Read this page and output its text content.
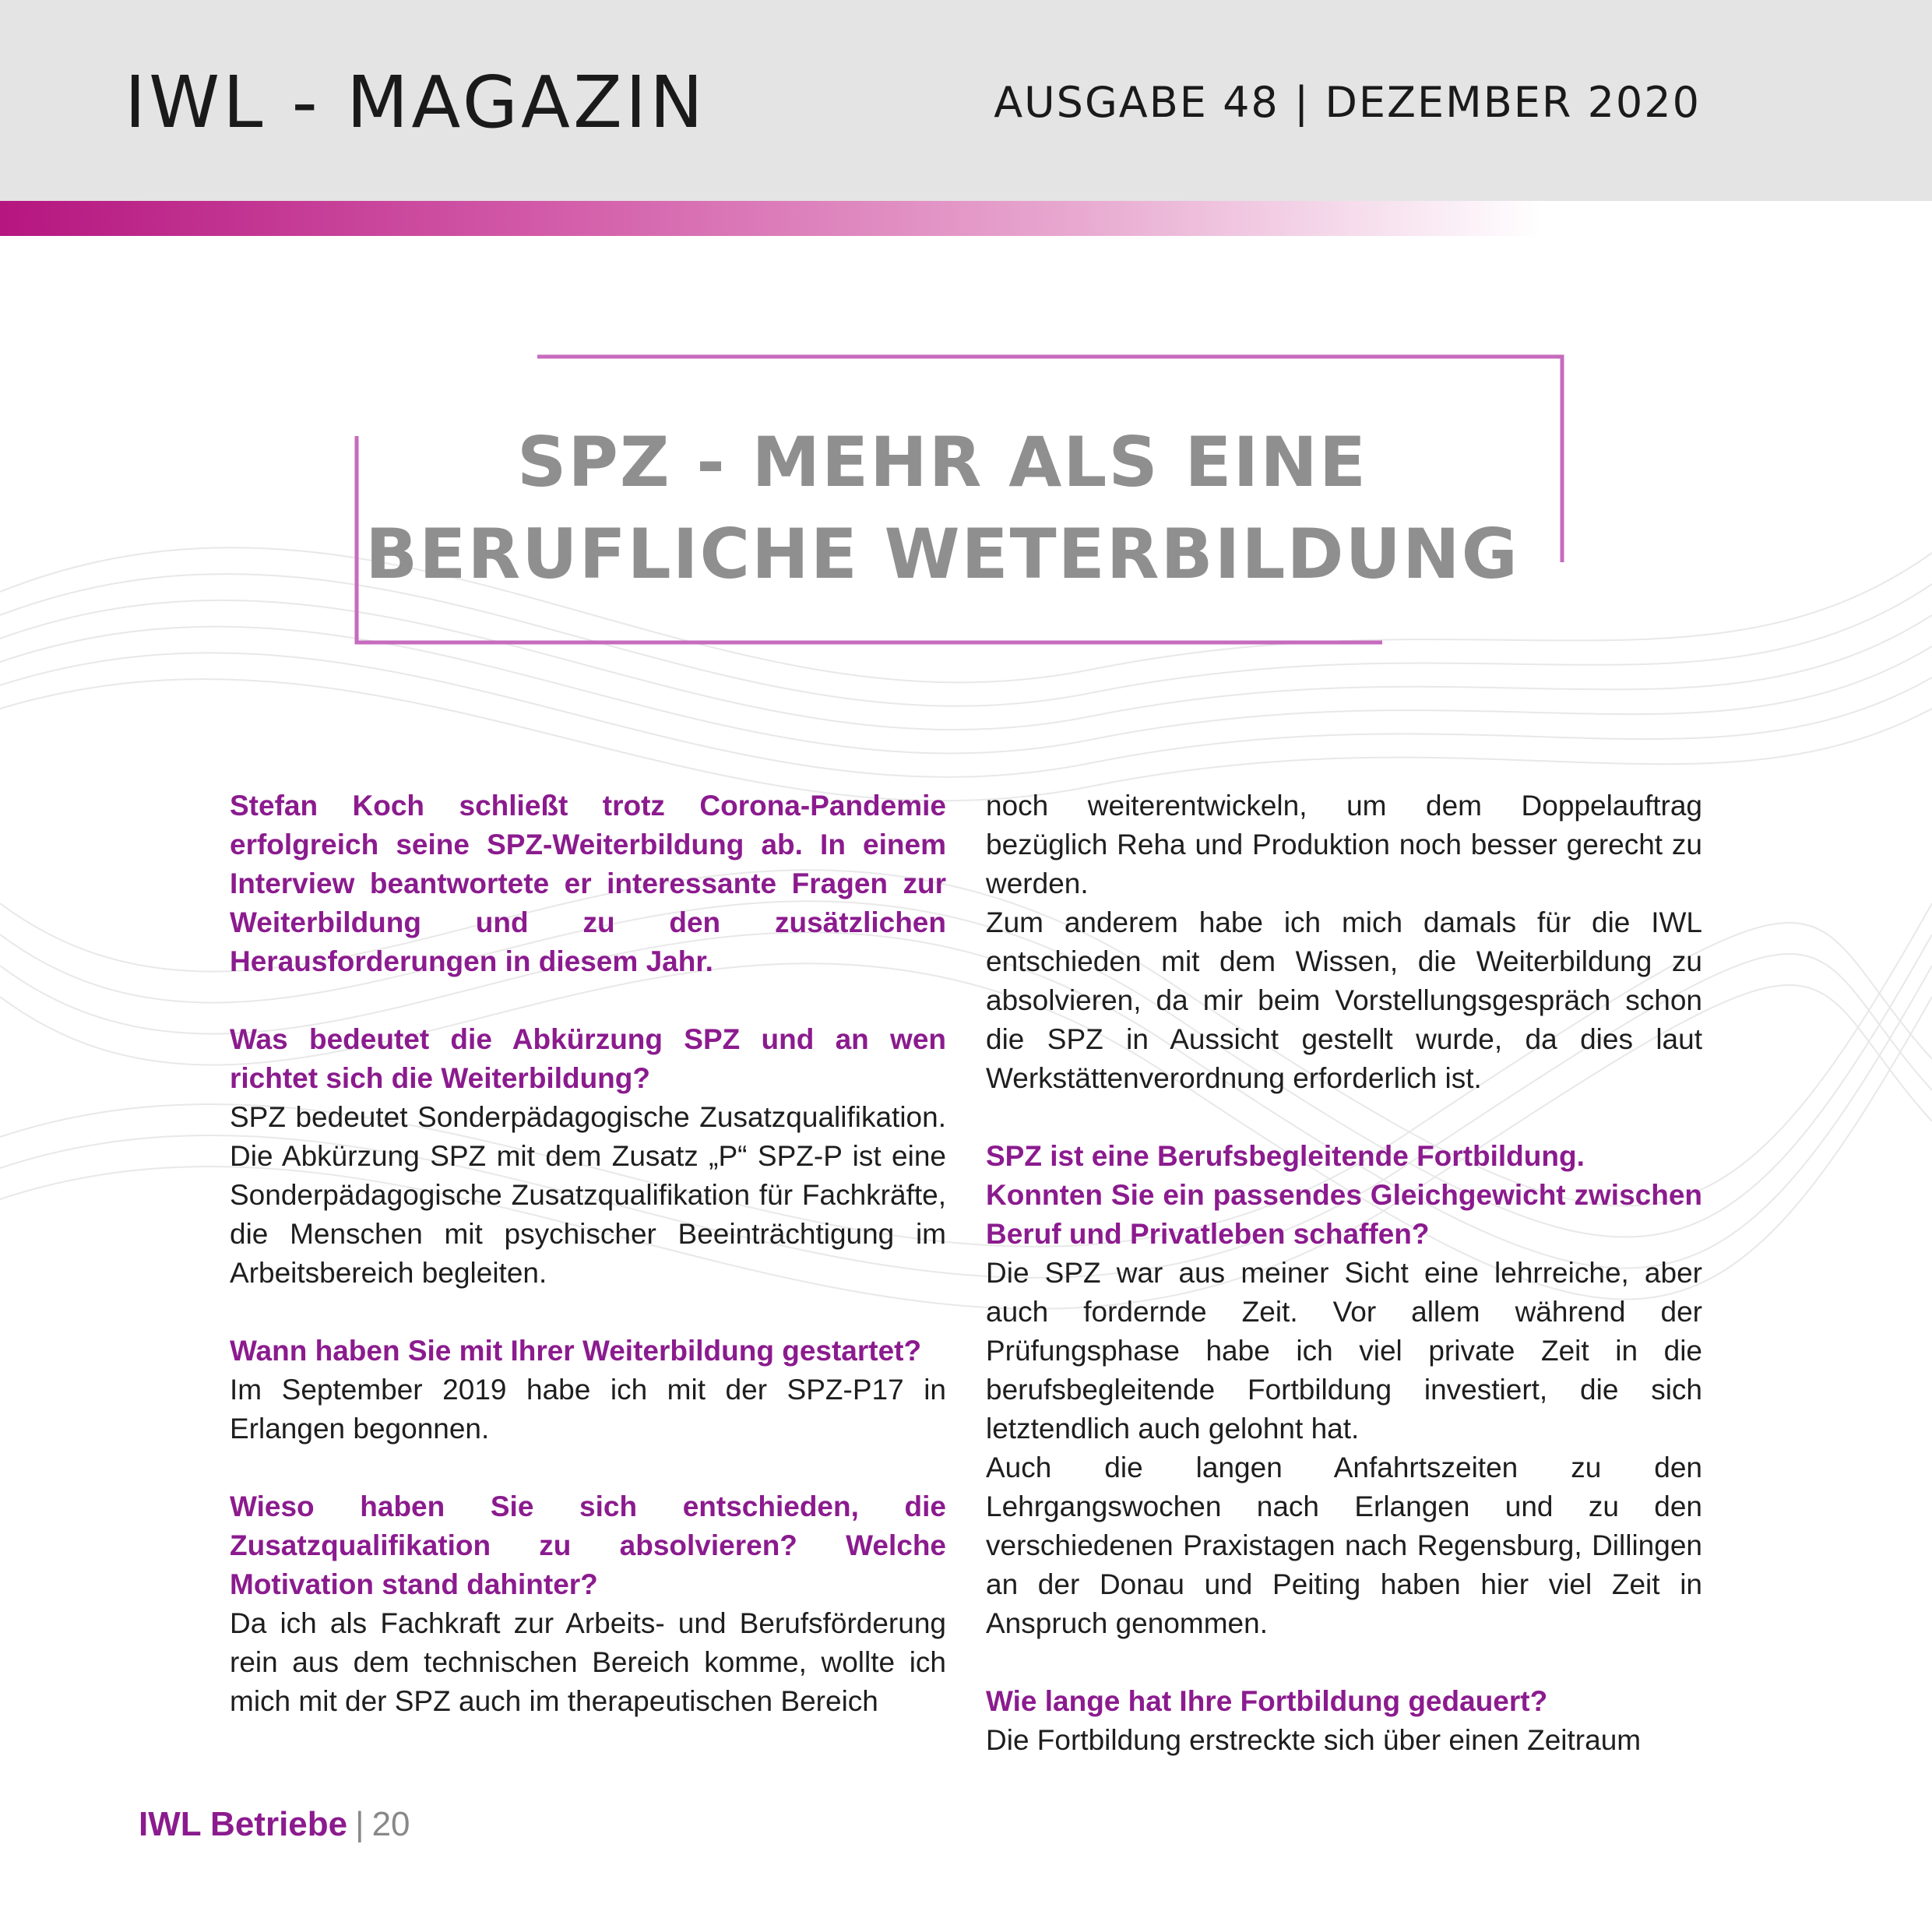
IWL - MAGAZIN	AUSGABE 48 | DEZEMBER 2020
SPZ - MEHR ALS EINE
BERUFLICHE WETERBILDUNG

Stefan Koch schließt trotz Corona-Pandemie erfolgreich seine SPZ-Weiterbildung ab. In einem Interview beantwortete er interessante Fragen zur Weiterbildung und zu den zusätzlichen Herausforderungen in diesem Jahr.

Was bedeutet die Abkürzung SPZ und an wen richtet sich die Weiterbildung?

SPZ bedeutet Sonderpädagogische Zusatzqualifikation. Die Abkürzung SPZ mit dem Zusatz „P“ SPZ-P ist eine Sonderpädagogische Zusatzqualifikation für Fachkräfte, die Menschen mit psychischer Beeinträchtigung im Arbeitsbereich begleiten.

Wann haben Sie mit Ihrer Weiterbildung gestartet?

Im September 2019 habe ich mit der SPZ-P17 in Erlangen begonnen.

Wieso haben Sie sich entschieden, die Zusatzqualifikation zu absolvieren? Welche Motivation stand dahinter?

Da ich als Fachkraft zur Arbeits- und Berufsförderung rein aus dem technischen Bereich komme, wollte ich mich mit der SPZ auch im therapeutischen Bereich

noch weiterentwickeln, um dem Doppelauftrag bezüglich Reha und Produktion noch besser gerecht zu werden.

Zum anderem habe ich mich damals für die IWL entschieden mit dem Wissen, die Weiterbildung zu absolvieren, da mir beim Vorstellungsgespräch schon die SPZ in Aussicht gestellt wurde, da dies laut Werkstättenverordnung erforderlich ist.

SPZ ist eine Berufsbegleitende Fortbildung.

Konnten Sie ein passendes Gleichgewicht zwischen Beruf und Privatleben schaffen?

Die SPZ war aus meiner Sicht eine lehrreiche, aber auch fordernde Zeit. Vor allem während der Prüfungsphase habe ich viel private Zeit in die berufsbegleitende Fortbildung investiert, die sich letztendlich auch gelohnt hat.

Auch die langen Anfahrtszeiten zu den Lehrgangswochen nach Erlangen und zu den verschiedenen Praxistagen nach Regensburg, Dillingen an der Donau und Peiting haben hier viel Zeit in Anspruch genommen.

Wie lange hat Ihre Fortbildung gedauert?

Die Fortbildung erstreckte sich über einen Zeitraum

IWL Betriebe | 20
